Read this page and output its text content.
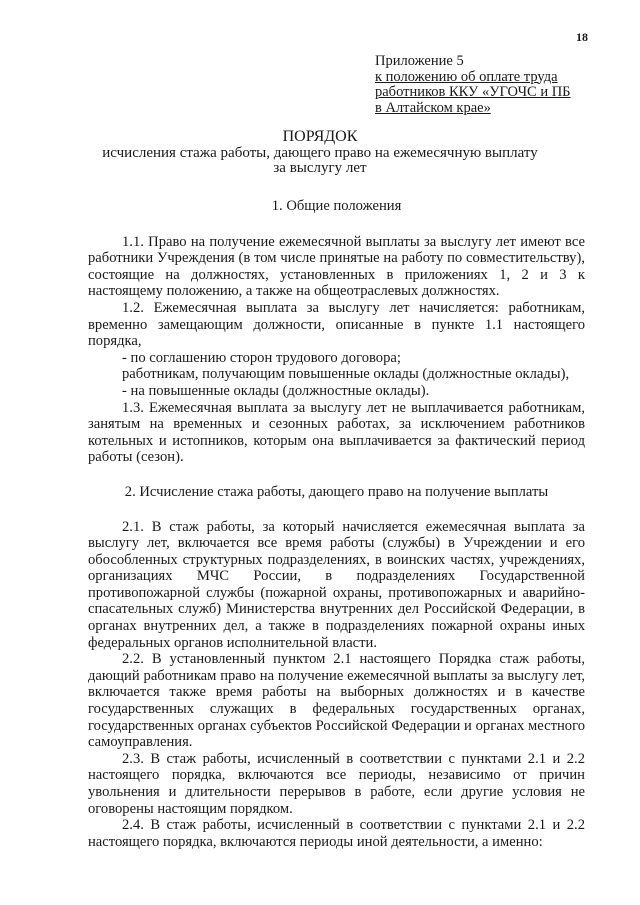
18
Приложение 5
к положению об оплате труда
работников ККУ «УГОЧС и ПБ
в Алтайском крае»
ПОРЯДОК
исчисления стажа работы, дающего право на ежемесячную выплату
за выслугу лет
1. Общие положения

1.1. Право на получение ежемесячной выплаты за выслугу лет имеют все работники Учреждения (в том числе принятые на работу по совместительству), состоящие на должностях, установленных в приложениях 1, 2 и 3 к настоящему положению, а также на общеотраслевых должностях.

1.2. Ежемесячная выплата за выслугу лет начисляется: работникам, временно замещающим должности, описанные в пункте 1.1 настоящего порядка,

- по соглашению сторон трудового договора;

работникам, получающим повышенные оклады (должностные оклады),

- на повышенные оклады (должностные оклады).

1.3. Ежемесячная выплата за выслугу лет не выплачивается работникам, занятым на временных и сезонных работах, за исключением работников котельных и истопников, которым она выплачивается за фактический период работы (сезон).

2. Исчисление стажа работы, дающего право на получение выплаты

2.1. В стаж работы, за который начисляется ежемесячная выплата за выслугу лет, включается все время работы (службы) в Учреждении и его обособленных структурных подразделениях, в воинских частях, учреждениях, организациях МЧС России, в подразделениях Государственной противопожарной службы (пожарной охраны, противопожарных и аварийно-спасательных служб) Министерства внутренних дел Российской Федерации, в органах внутренних дел, а также в подразделениях пожарной охраны иных федеральных органов исполнительной власти.

2.2. В установленный пунктом 2.1 настоящего Порядка стаж работы, дающий работникам право на получение ежемесячной выплаты за выслугу лет, включается также время работы на выборных должностях и в качестве государственных служащих в федеральных государственных органах, государственных органах субъектов Российской Федерации и органах местного самоуправления.

2.3. В стаж работы, исчисленный в соответствии с пунктами 2.1 и 2.2 настоящего порядка, включаются все периоды, независимо от причин увольнения и длительности перерывов в работе, если другие условия не оговорены настоящим порядком.

2.4. В стаж работы, исчисленный в соответствии с пунктами 2.1 и 2.2 настоящего порядка, включаются периоды иной деятельности, а именно:
